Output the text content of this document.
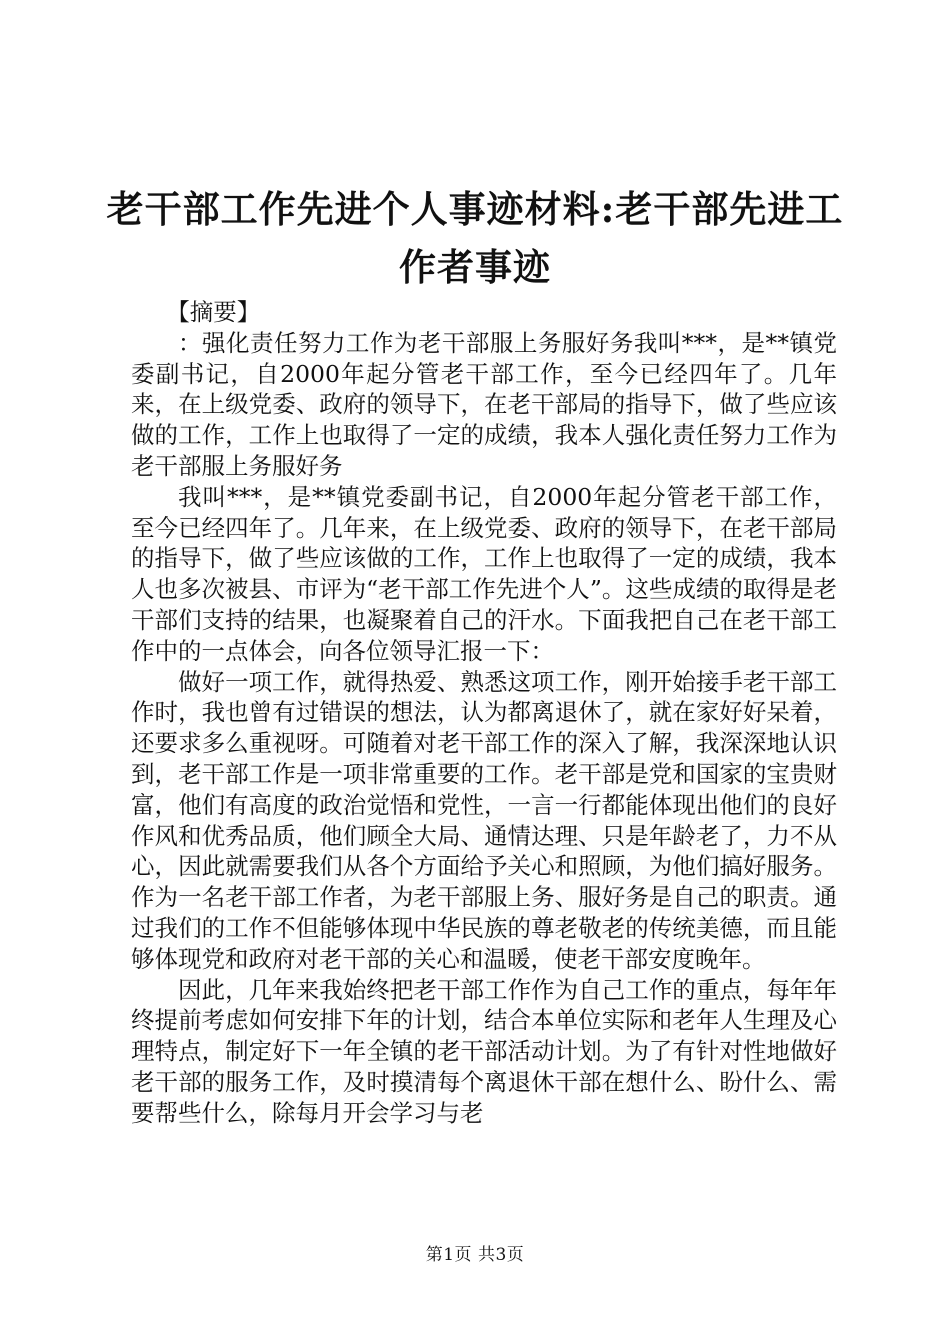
老干部工作先进个人事迹材料:老干部先进工作者事迹

【摘要】

：强化责任努力工作为老干部服上务服好务我叫***，是**镇党委副书记，自2000年起分管老干部工作，至今已经四年了。几年来，在上级党委、政府的领导下，在老干部局的指导下，做了些应该做的工作，工作上也取得了一定的成绩，我本人强化责任努力工作为老干部服上务服好务

我叫***，是**镇党委副书记，自2000年起分管老干部工作，至今已经四年了。几年来，在上级党委、政府的领导下，在老干部局的指导下，做了些应该做的工作，工作上也取得了一定的成绩，我本人也多次被县、市评为“老干部工作先进个人”。这些成绩的取得是老干部们支持的结果，也凝聚着自己的汗水。下面我把自己在老干部工作中的一点体会，向各位领导汇报一下：

做好一项工作，就得热爱、熟悉这项工作，刚开始接手老干部工作时，我也曾有过错误的想法，认为都离退休了，就在家好好呆着，还要求多么重视呀。可随着对老干部工作的深入了解，我深深地认识到，老干部工作是一项非常重要的工作。老干部是党和国家的宝贵财富，他们有高度的政治觉悟和党性，一言一行都能体现出他们的良好作风和优秀品质，他们顾全大局、通情达理、只是年龄老了，力不从心，因此就需要我们从各个方面给予关心和照顾，为他们搞好服务。作为一名老干部工作者，为老干部服上务、服好务是自己的职责。通过我们的工作不但能够体现中华民族的尊老敬老的传统美德，而且能够体现党和政府对老干部的关心和温暖，使老干部安度晚年。

因此，几年来我始终把老干部工作作为自己工作的重点，每年年终提前考虑如何安排下年的计划，结合本单位实际和老年人生理及心理特点，制定好下一年全镇的老干部活动计划。为了有针对性地做好老干部的服务工作，及时摸清每个离退休干部在想什么、盼什么、需要帮些什么，除每月开会学习与老

第1页 共3页
